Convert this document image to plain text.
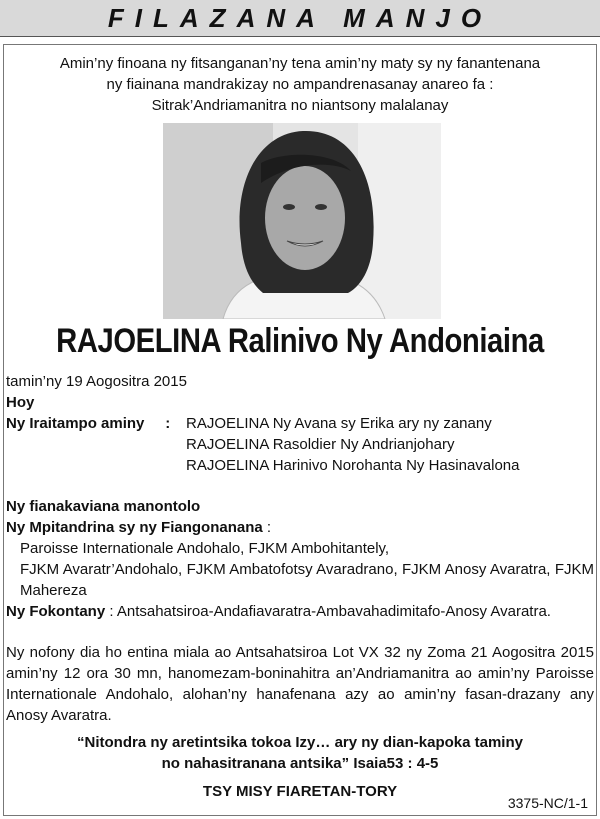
FILAZANA MANJO
Amin’ny finoana ny fitsanganan’ny tena amin’ny maty sy ny fanantenana
ny fiainana mandrakizay no ampandrenasanay anareo fa :
Sitrak’Andriamanitra no niantsony malalanay
RAJOELINA Ralinivo Ny Andoniaina
tamin’ny 19 Aogositra 2015
Hoy
Ny Iraitampo aminy     :	RAJOELINA Ny Avana sy Erika ary ny zanany
RAJOELINA Rasoldier Ny Andrianjohary
RAJOELINA Harinivo Norohanta Ny Hasinavalona
Ny fianakaviana manontolo
Ny Mpitandrina sy ny Fiangonanana :
Paroisse Internationale Andohalo, FJKM Ambohitantely,
FJKM Avaratr’Andohalo, FJKM Ambatofotsy Avaradrano, FJKM Anosy Avaratra, FJKM Mahereza
Ny Fokontany : Antsahatsiroa-Andafiavaratra-Ambavahadimitafo-Anosy Avaratra.
Ny nofony dia ho entina miala ao Antsahatsiroa Lot VX 32 ny Zoma 21 Aogositra 2015 amin’ny 12 ora 30 mn, hanomezam-boninahitra an’Andriamanitra ao amin’ny Paroisse Internationale Andohalo, alohan’ny hanafenana azy ao amin’ny fasan-drazany any Anosy Avaratra.
“Nitondra ny aretintsika tokoa Izy… ary ny dian-kapoka taminy
no nahasitranana antsika” Isaia53 : 4-5
TSY MISY FIARETAN-TORY
3375-NC/1-1
